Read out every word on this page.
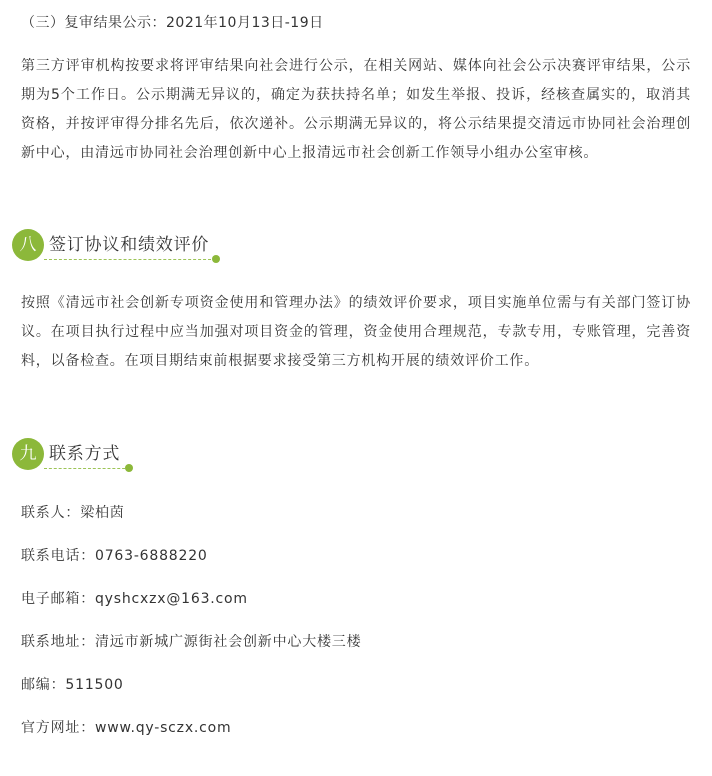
（三）复审结果公示：2021年10月13日-19日
第三方评审机构按要求将评审结果向社会进行公示，在相关网站、媒体向社会公示决赛评审结果，公示期为5个工作日。公示期满无异议的，确定为获扶持名单；如发生举报、投诉，经核查属实的，取消其资格，并按评审得分排名先后，依次递补。公示期满无异议的，将公示结果提交清远市协同社会治理创新中心，由清远市协同社会治理创新中心上报清远市社会创新工作领导小组办公室审核。
八 签订协议和绩效评价
按照《清远市社会创新专项资金使用和管理办法》的绩效评价要求，项目实施单位需与有关部门签订协议。在项目执行过程中应当加强对项目资金的管理，资金使用合理规范，专款专用，专账管理，完善资料，以备检查。在项目期结束前根据要求接受第三方机构开展的绩效评价工作。
九 联系方式
联系人：梁柏茵
联系电话：0763-6888220
电子邮箱：qyshcxzx@163.com
联系地址：清远市新城广源街社会创新中心大楼三楼
邮编：511500
官方网址：www.qy-sczx.com
